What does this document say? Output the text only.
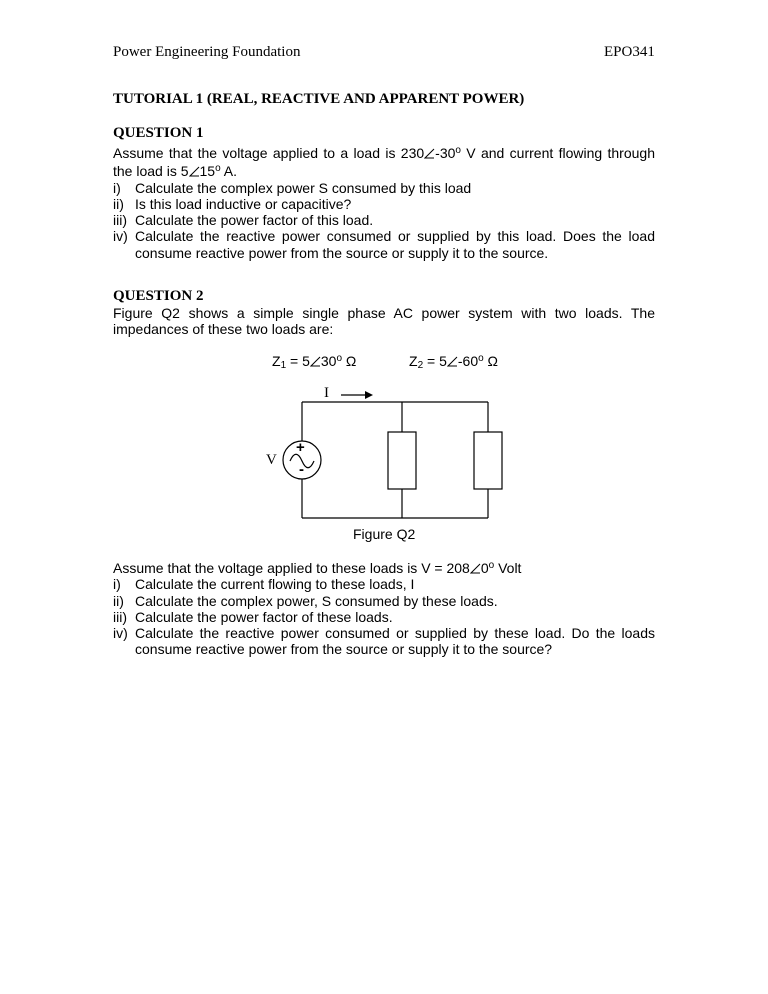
Power Engineering Foundation	EPO341
TUTORIAL 1 (REAL, REACTIVE AND APPARENT POWER)
QUESTION 1
Assume that the voltage applied to a load is 230 -30$^o$ V and current flowing through the load is 5 15$^o$ A.
i) Calculate the complex power S consumed by this load
ii) Is this load inductive or capacitive?
iii) Calculate the power factor of this load.
iv) Calculate the reactive power consumed or supplied by this load. Does the load consume reactive power from the source or supply it to the source.
QUESTION 2
Figure Q2 shows a simple single phase AC power system with two loads. The impedances of these two loads are:
$Z_1 = 5$ 30$^o$ Ω	$Z_2 = 5$ -60$^o$ Ω
I
V
+
-
Figure Q2
Assume that the voltage applied to these loads is V = 208 0$^o$ Volt
i) Calculate the current flowing to these loads, I
ii) Calculate the complex power, S consumed by these loads.
iii) Calculate the power factor of these loads.
iv) Calculate the reactive power consumed or supplied by these load. Do the loads consume reactive power from the source or supply it to the source?
